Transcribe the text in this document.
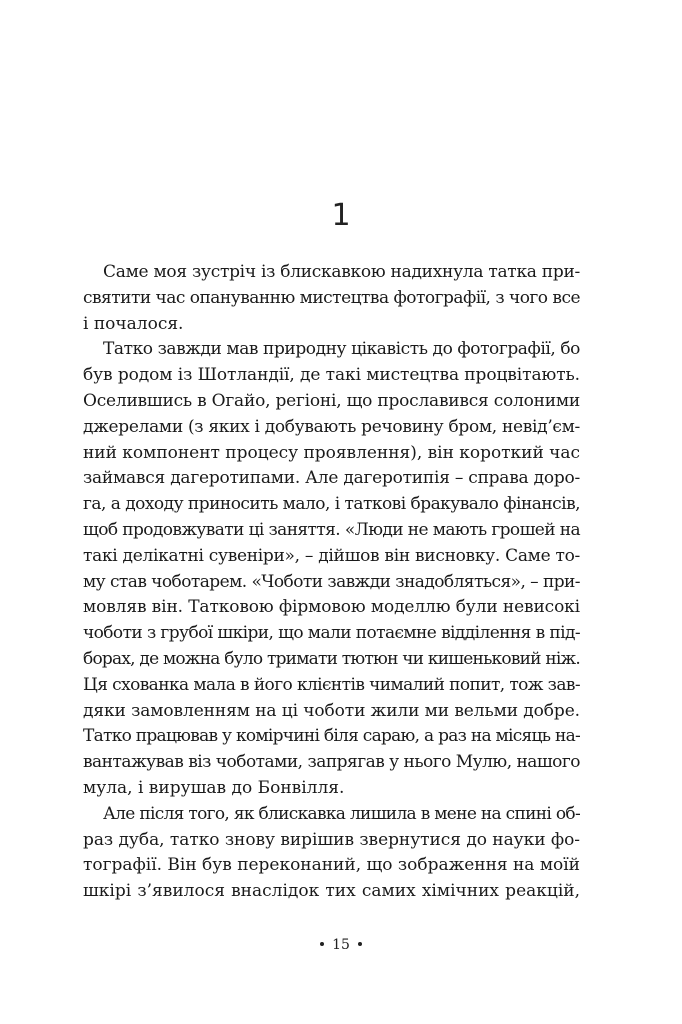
1
Саме моя зустріч із блискавкою надихнула татка при-
святити час опануванню мистецтва фотографії, з чого все
і почалося.
Татко завжди мав природну цікавість до фотографії, бо
був родом із Шотландії, де такі мистецтва процвітають.
Оселившись в Огайо, регіоні, що прославився солоними
джерелами (з яких і добувають речовину бром, невід’єм-
ний компонент процесу проявлення), він короткий час
займався дагеротипами. Але дагеротипія – справа доро-
га, а доходу приносить мало, і таткові бракувало фінансів,
щоб продовжувати ці заняття. «Люди не мають грошей на
такі делікатні сувеніри», – дійшов він висновку. Саме то-
му став чоботарем. «Чоботи завжди знадобляться», – при-
мовляв він. Татковою фірмовою моделлю були невисокі
чоботи з грубої шкіри, що мали потаємне відділення в під-
борах, де можна було тримати тютюн чи кишеньковий ніж.
Ця схованка мала в його клієнтів чималий попит, тож зав-
дяки замовленням на ці чоботи жили ми вельми добре.
Татко працював у комірчині біля сараю, а раз на місяць на-
вантажував віз чоботами, запрягав у нього Мулю, нашого
мула, і вирушав до Бонвілля.
Але після того, як блискавка лишила в мене на спині об-
раз дуба, татко знову вирішив звернутися до науки фо-
тографії. Він був переконаний, що зображення на моїй
шкірі з’явилося внаслідок тих самих хімічних реакцій,
15
